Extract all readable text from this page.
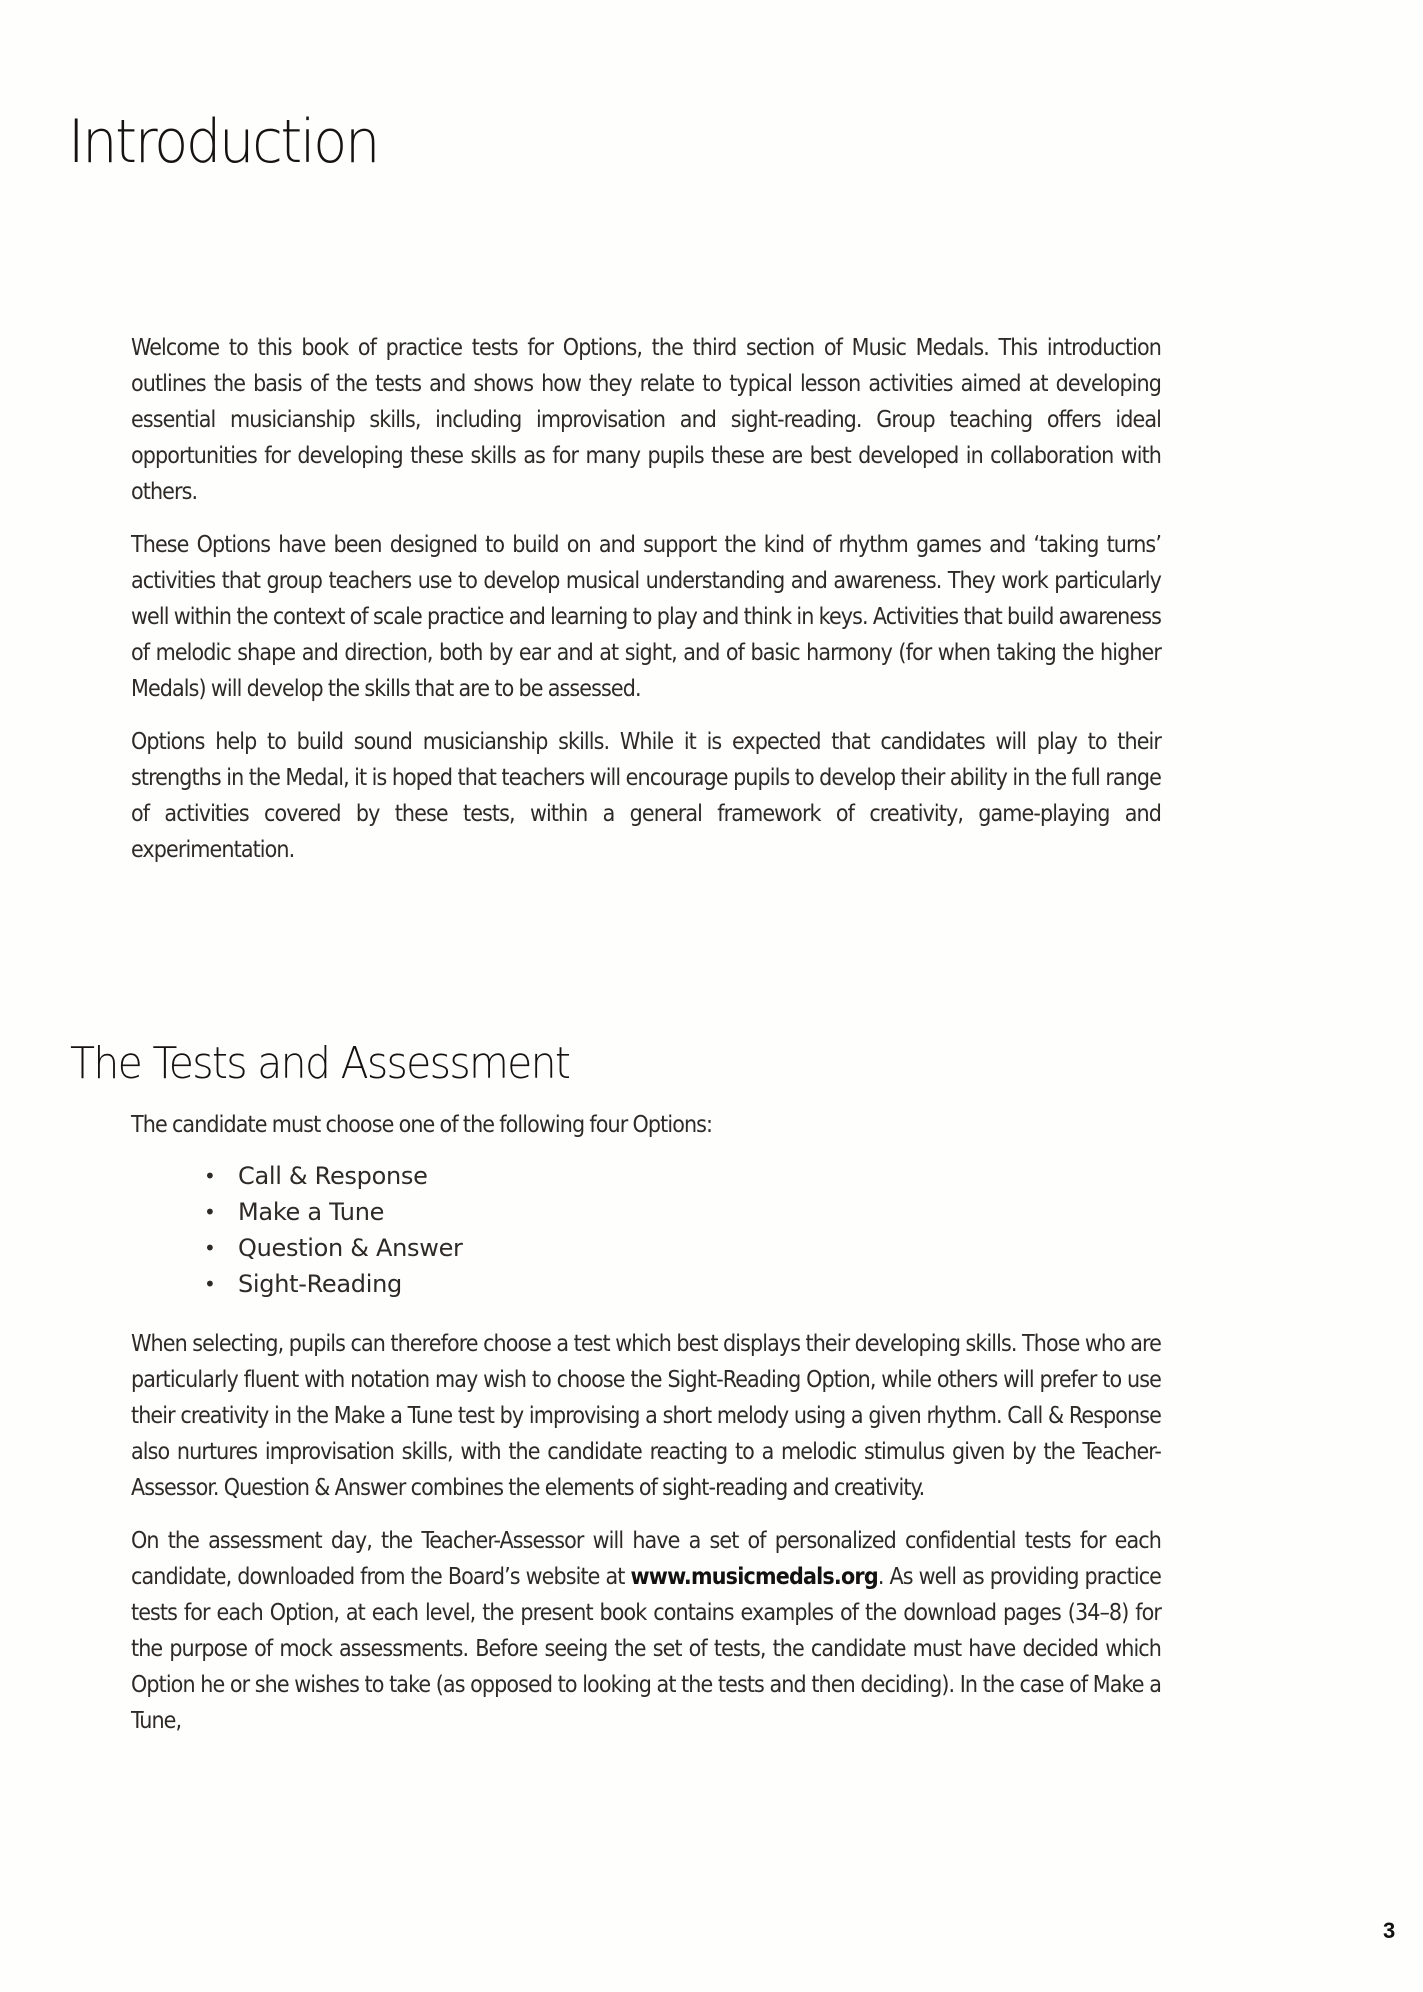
Introduction

Welcome to this book of practice tests for Options, the third section of Music Medals. This introduction outlines the basis of the tests and shows how they relate to typical lesson activities aimed at developing essential musicianship skills, including improvisation and sight-reading. Group teaching offers ideal opportunities for developing these skills as for many pupils these are best developed in collaboration with others.

These Options have been designed to build on and support the kind of rhythm games and ‘taking turns’ activities that group teachers use to develop musical understanding and awareness. They work particularly well within the context of scale practice and learning to play and think in keys. Activities that build awareness of melodic shape and direction, both by ear and at sight, and of basic harmony (for when taking the higher Medals) will develop the skills that are to be assessed.

Options help to build sound musicianship skills. While it is expected that candidates will play to their strengths in the Medal, it is hoped that teachers will encourage pupils to develop their ability in the full range of activities covered by these tests, within a general framework of creativity, game-playing and experimentation.

The Tests and Assessment

The candidate must choose one of the following four Options:

• Call & Response
• Make a Tune
• Question & Answer
• Sight-Reading

When selecting, pupils can therefore choose a test which best displays their developing skills. Those who are particularly fluent with notation may wish to choose the Sight-Reading Option, while others will prefer to use their creativity in the Make a Tune test by improvising a short melody using a given rhythm. Call & Response also nurtures improvisation skills, with the candidate reacting to a melodic stimulus given by the Teacher-Assessor. Question & Answer combines the elements of sight-reading and creativity.

On the assessment day, the Teacher-Assessor will have a set of personalized confidential tests for each candidate, downloaded from the Board’s website at www.musicmedals.org. As well as providing practice tests for each Option, at each level, the present book contains examples of the download pages (34–8) for the purpose of mock assessments. Before seeing the set of tests, the candidate must have decided which Option he or she wishes to take (as opposed to looking at the tests and then deciding). In the case of Make a Tune,

3
